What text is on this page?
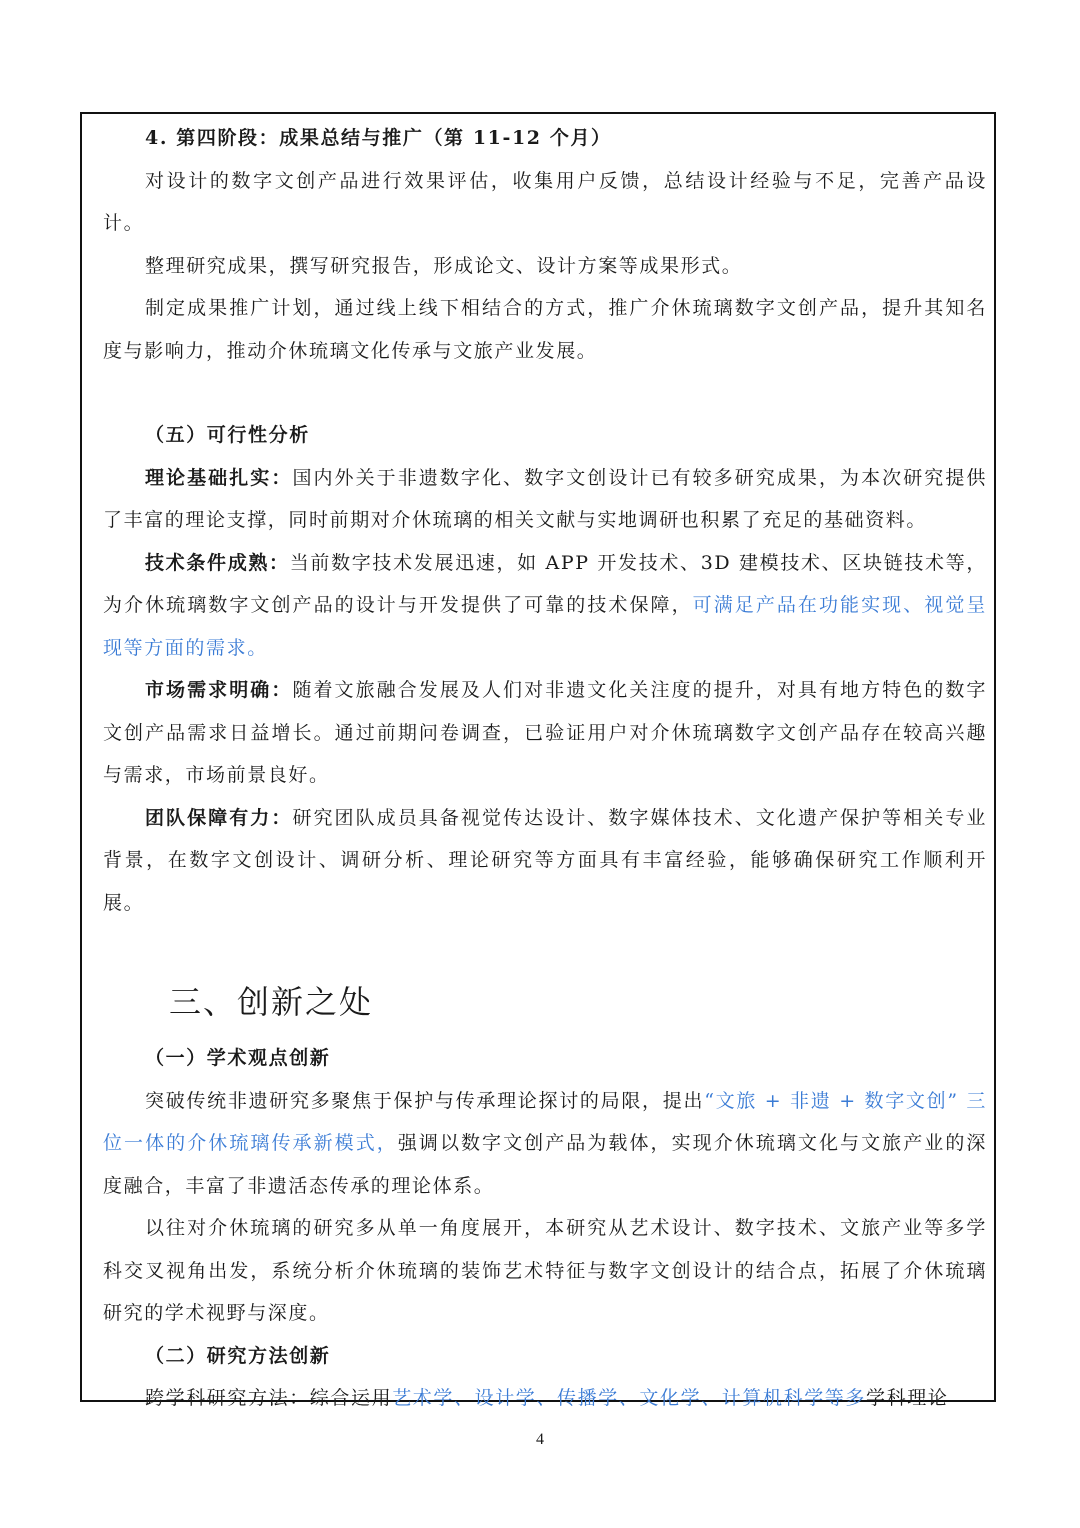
4. 第四阶段：成果总结与推广（第 11-12 个月）

对设计的数字文创产品进行效果评估，收集用户反馈，总结设计经验与不足，完善产品设计。

整理研究成果，撰写研究报告，形成论文、设计方案等成果形式。

制定成果推广计划，通过线上线下相结合的方式，推广介休琉璃数字文创产品，提升其知名度与影响力，推动介休琉璃文化传承与文旅产业发展。

（五）可行性分析

理论基础扎实：国内外关于非遗数字化、数字文创设计已有较多研究成果，为本次研究提供了丰富的理论支撑，同时前期对介休琉璃的相关文献与实地调研也积累了充足的基础资料。

技术条件成熟：当前数字技术发展迅速，如 APP 开发技术、3D 建模技术、区块链技术等，为介休琉璃数字文创产品的设计与开发提供了可靠的技术保障，可满足产品在功能实现、视觉呈现等方面的需求。

市场需求明确：随着文旅融合发展及人们对非遗文化关注度的提升，对具有地方特色的数字文创产品需求日益增长。通过前期问卷调查，已验证用户对介休琉璃数字文创产品存在较高兴趣与需求，市场前景良好。

团队保障有力：研究团队成员具备视觉传达设计、数字媒体技术、文化遗产保护等相关专业背景，在数字文创设计、调研分析、理论研究等方面具有丰富经验，能够确保研究工作顺利开展。

三、创新之处

（一）学术观点创新

突破传统非遗研究多聚焦于保护与传承理论探讨的局限，提出“文旅 + 非遗 + 数字文创” 三位一体的介休琉璃传承新模式，强调以数字文创产品为载体，实现介休琉璃文化与文旅产业的深度融合，丰富了非遗活态传承的理论体系。

以往对介休琉璃的研究多从单一角度展开，本研究从艺术设计、数字技术、文旅产业等多学科交叉视角出发，系统分析介休琉璃的装饰艺术特征与数字文创设计的结合点，拓展了介休琉璃研究的学术视野与深度。

（二）研究方法创新

跨学科研究方法：综合运用艺术学、设计学、传播学、文化学、计算机科学等多学科理论

4
